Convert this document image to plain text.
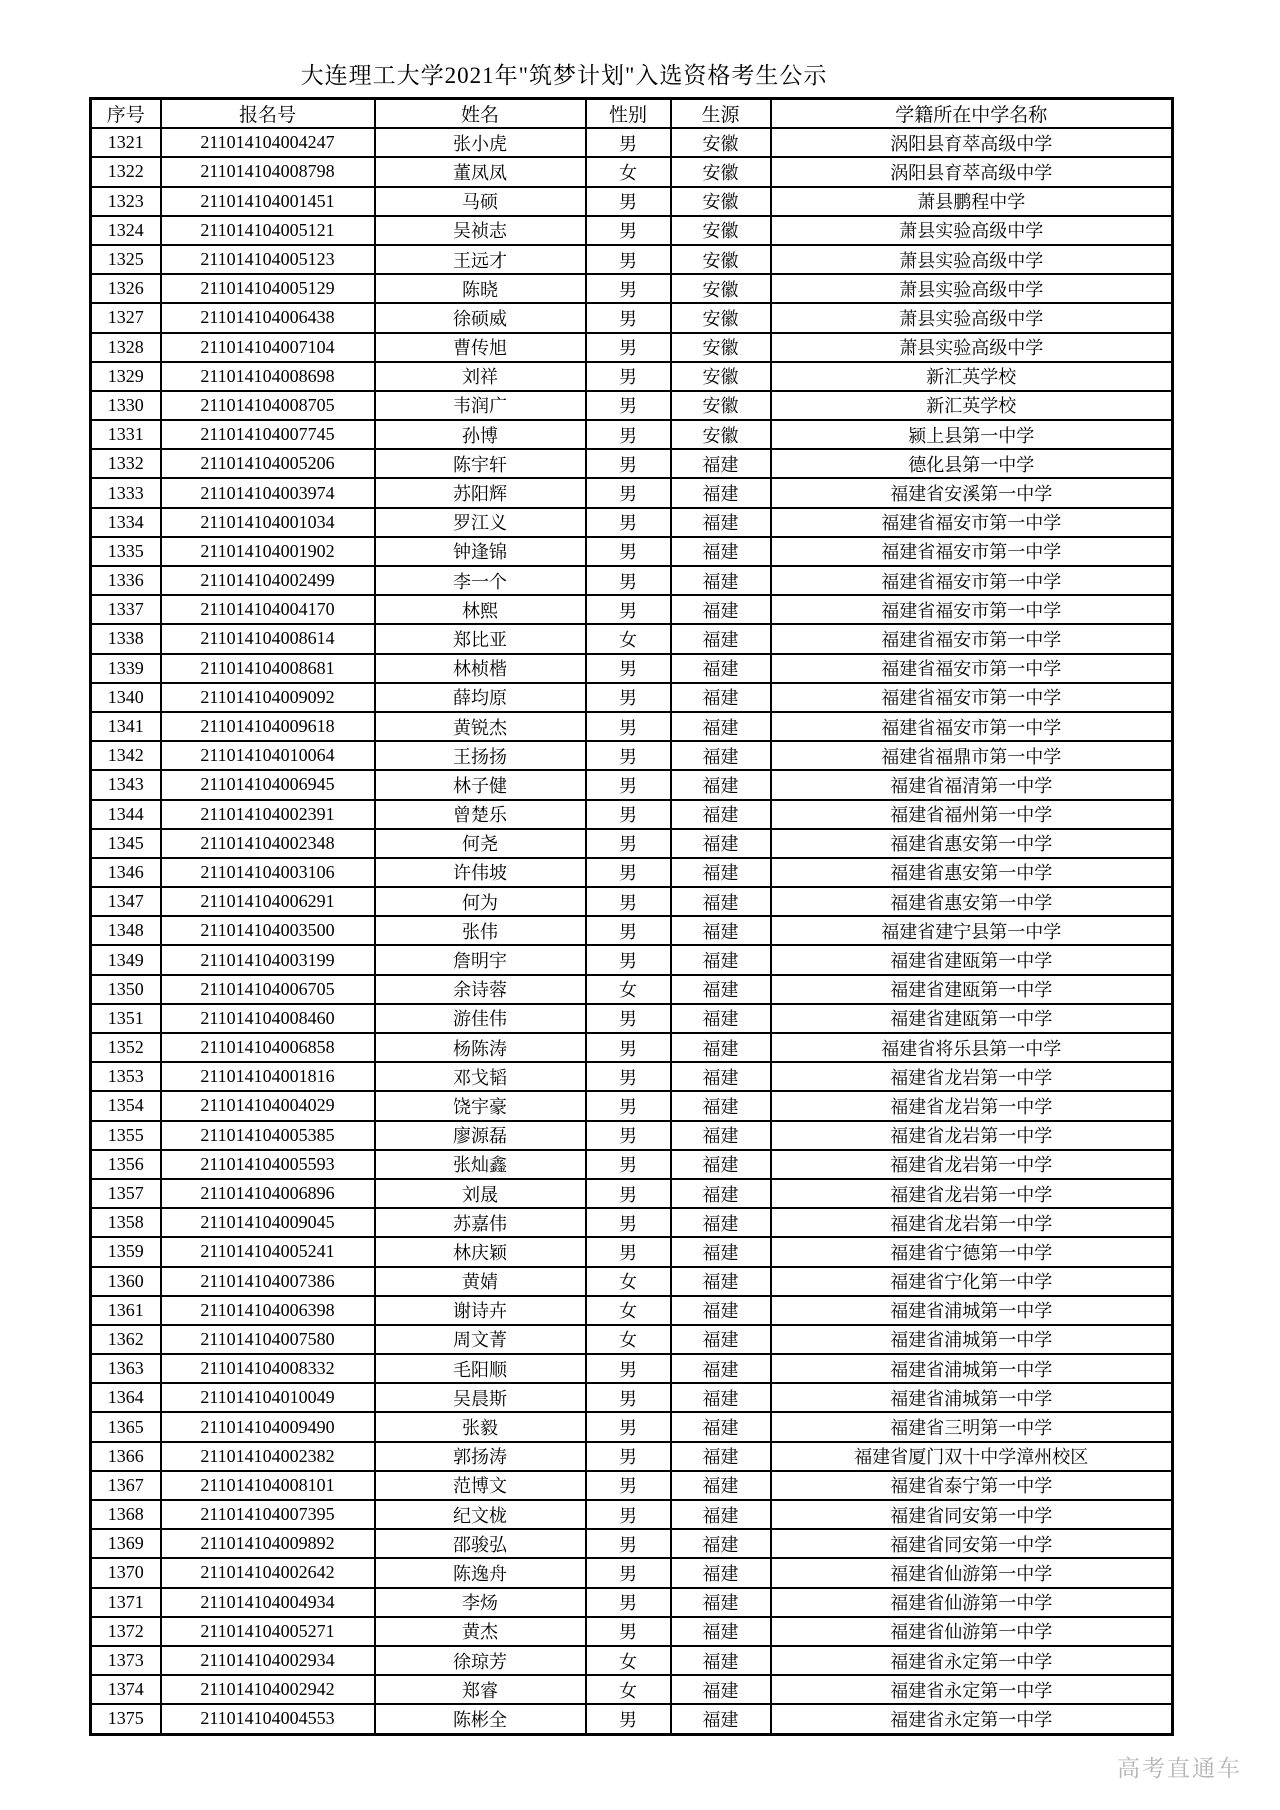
大连理工大学2021年"筑梦计划"入选资格考生公示
序号	报名号	姓名	性别	生源	学籍所在中学名称
1321	211014104004247	张小虎	男	安徽	涡阳县育萃高级中学
1322	211014104008798	董凤凤	女	安徽	涡阳县育萃高级中学
1323	211014104001451	马硕	男	安徽	萧县鹏程中学
1324	211014104005121	吴祯志	男	安徽	萧县实验高级中学
1325	211014104005123	王远才	男	安徽	萧县实验高级中学
1326	211014104005129	陈晓	男	安徽	萧县实验高级中学
1327	211014104006438	徐硕威	男	安徽	萧县实验高级中学
1328	211014104007104	曹传旭	男	安徽	萧县实验高级中学
1329	211014104008698	刘祥	男	安徽	新汇英学校
1330	211014104008705	韦润广	男	安徽	新汇英学校
1331	211014104007745	孙博	男	安徽	颍上县第一中学
1332	211014104005206	陈宇轩	男	福建	德化县第一中学
1333	211014104003974	苏阳辉	男	福建	福建省安溪第一中学
1334	211014104001034	罗江义	男	福建	福建省福安市第一中学
1335	211014104001902	钟逢锦	男	福建	福建省福安市第一中学
1336	211014104002499	李一个	男	福建	福建省福安市第一中学
1337	211014104004170	林熙	男	福建	福建省福安市第一中学
1338	211014104008614	郑比亚	女	福建	福建省福安市第一中学
1339	211014104008681	林桢楷	男	福建	福建省福安市第一中学
1340	211014104009092	薛均原	男	福建	福建省福安市第一中学
1341	211014104009618	黄锐杰	男	福建	福建省福安市第一中学
1342	211014104010064	王扬扬	男	福建	福建省福鼎市第一中学
1343	211014104006945	林子健	男	福建	福建省福清第一中学
1344	211014104002391	曾楚乐	男	福建	福建省福州第一中学
1345	211014104002348	何尧	男	福建	福建省惠安第一中学
1346	211014104003106	许伟坡	男	福建	福建省惠安第一中学
1347	211014104006291	何为	男	福建	福建省惠安第一中学
1348	211014104003500	张伟	男	福建	福建省建宁县第一中学
1349	211014104003199	詹明宇	男	福建	福建省建瓯第一中学
1350	211014104006705	余诗蓉	女	福建	福建省建瓯第一中学
1351	211014104008460	游佳伟	男	福建	福建省建瓯第一中学
1352	211014104006858	杨陈涛	男	福建	福建省将乐县第一中学
1353	211014104001816	邓戈韬	男	福建	福建省龙岩第一中学
1354	211014104004029	饶宇豪	男	福建	福建省龙岩第一中学
1355	211014104005385	廖源磊	男	福建	福建省龙岩第一中学
1356	211014104005593	张灿鑫	男	福建	福建省龙岩第一中学
1357	211014104006896	刘晟	男	福建	福建省龙岩第一中学
1358	211014104009045	苏嘉伟	男	福建	福建省龙岩第一中学
1359	211014104005241	林庆颖	男	福建	福建省宁德第一中学
1360	211014104007386	黄婧	女	福建	福建省宁化第一中学
1361	211014104006398	谢诗卉	女	福建	福建省浦城第一中学
1362	211014104007580	周文菁	女	福建	福建省浦城第一中学
1363	211014104008332	毛阳顺	男	福建	福建省浦城第一中学
1364	211014104010049	吴晨斯	男	福建	福建省浦城第一中学
1365	211014104009490	张毅	男	福建	福建省三明第一中学
1366	211014104002382	郭扬涛	男	福建	福建省厦门双十中学漳州校区
1367	211014104008101	范博文	男	福建	福建省泰宁第一中学
1368	211014104007395	纪文栊	男	福建	福建省同安第一中学
1369	211014104009892	邵骏弘	男	福建	福建省同安第一中学
1370	211014104002642	陈逸舟	男	福建	福建省仙游第一中学
1371	211014104004934	李炀	男	福建	福建省仙游第一中学
1372	211014104005271	黄杰	男	福建	福建省仙游第一中学
1373	211014104002934	徐琼芳	女	福建	福建省永定第一中学
1374	211014104002942	郑睿	女	福建	福建省永定第一中学
1375	211014104004553	陈彬全	男	福建	福建省永定第一中学
高考直通车
